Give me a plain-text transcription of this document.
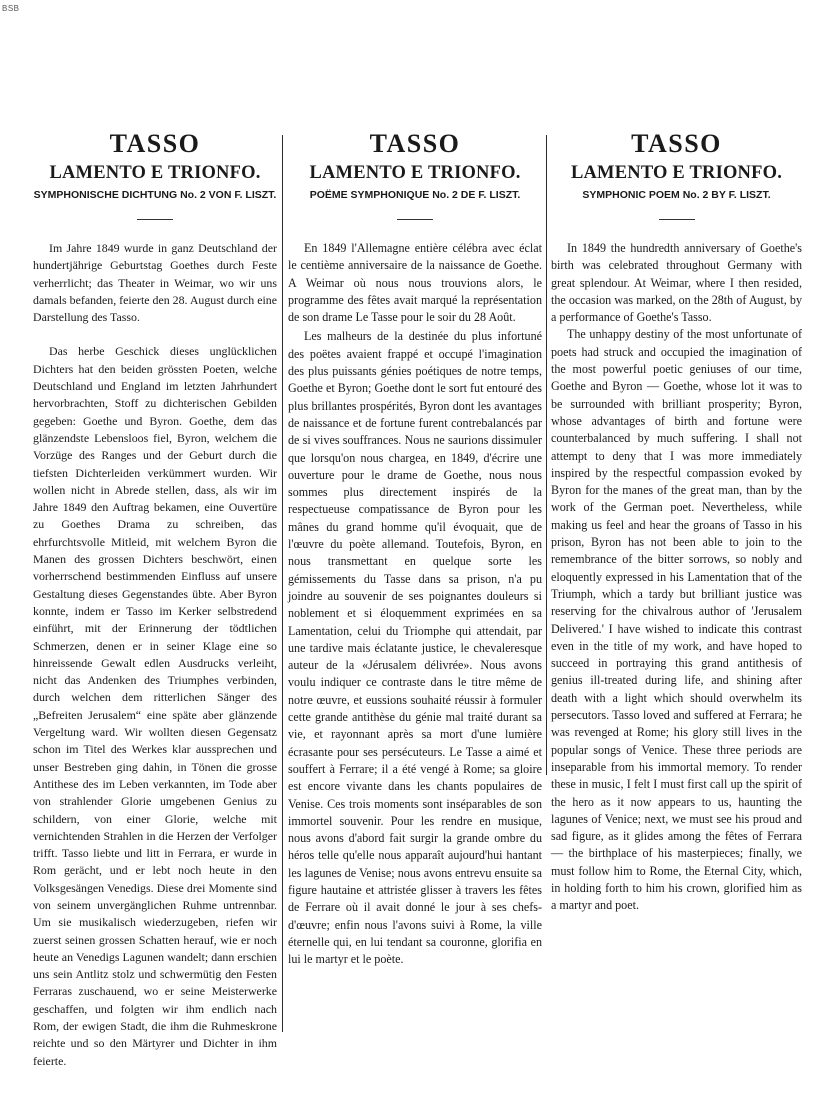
BSB
TASSO
LAMENTO E TRIONFO.
SYMPHONISCHE DICHTUNG No. 2 VON F. LISZT.

Im Jahre 1849 wurde in ganz Deutschland der hundertjährige Geburtstag Goethes durch Feste verherrlicht; das Theater in Weimar, wo wir uns damals befanden, feierte den 28. August durch eine Darstellung des Tasso.

Das herbe Geschick dieses unglücklichen Dichters hat den beiden grössten Poeten, welche Deutschland und England im letzten Jahrhundert hervorbrachten, Stoff zu dichterischen Gebilden gegeben: Goethe und Byron. Goethe, dem das glänzendste Lebensloos fiel, Byron, welchem die Vorzüge des Ranges und der Geburt durch die tiefsten Dichterleiden verkümmert wurden. Wir wollen nicht in Abrede stellen, dass, als wir im Jahre 1849 den Auftrag bekamen, eine Ouvertüre zu Goethes Drama zu schreiben, das ehrfurchtsvolle Mitleid, mit welchem Byron die Manen des grossen Dichters beschwört, einen vorherrschend bestimmenden Einfluss auf unsere Gestaltung dieses Gegenstandes übte. Aber Byron konnte, indem er Tasso im Kerker selbstredend einführt, mit der Erinnerung der tödtlichen Schmerzen, denen er in seiner Klage eine so hinreissende Gewalt edlen Ausdrucks verleiht, nicht das Andenken des Triumphes verbinden, durch welchen dem ritterlichen Sänger des „Befreiten Jerusalem“ eine späte aber glänzende Vergeltung ward. Wir wollten diesen Gegensatz schon im Titel des Werkes klar aussprechen und unser Bestreben ging dahin, in Tönen die grosse Antithese des im Leben verkannten, im Tode aber von strahlender Glorie umgebenen Genius zu schildern, von einer Glorie, welche mit vernichtenden Strahlen in die Herzen der Verfolger trifft. Tasso liebte und litt in Ferrara, er wurde in Rom gerächt, und er lebt noch heute in den Volksgesängen Venedigs. Diese drei Momente sind von seinem unvergänglichen Ruhme untrennbar. Um sie musikalisch wiederzugeben, riefen wir zuerst seinen grossen Schatten herauf, wie er noch heute an Venedigs Lagunen wandelt; dann erschien uns sein Antlitz stolz und schwermütig den Festen Ferraras zuschauend, wo er seine Meisterwerke geschaffen, und folgten wir ihm endlich nach Rom, der ewigen Stadt, die ihm die Ruhmeskrone reichte und so den Märtyrer und Dichter in ihm feierte.

TASSO
LAMENTO E TRIONFO.
POËME SYMPHONIQUE No. 2 DE F. LISZT.

En 1849 l'Allemagne entière célébra avec éclat le centième anniversaire de la naissance de Goethe. A Weimar où nous nous trouvions alors, le programme des fêtes avait marqué la représentation de son drame Le Tasse pour le soir du 28 Août.

Les malheurs de la destinée du plus infortuné des poëtes avaient frappé et occupé l'imagination des plus puissants génies poétiques de notre temps, Goethe et Byron; Goethe dont le sort fut entouré des plus brillantes prospérités, Byron dont les avantages de naissance et de fortune furent contrebalancés par de si vives souffrances. Nous ne saurions dissimuler que lorsqu'on nous chargea, en 1849, d'écrire une ouverture pour le drame de Goethe, nous nous sommes plus directement inspirés de la respectueuse compatissance de Byron pour les mânes du grand homme qu'il évoquait, que de l'œuvre du poète allemand. Toutefois, Byron, en nous transmettant en quelque sorte les gémissements du Tasse dans sa prison, n'a pu joindre au souvenir de ses poignantes douleurs si noblement et si éloquemment exprimées en sa Lamentation, celui du Triomphe qui attendait, par une tardive mais éclatante justice, le chevaleresque auteur de la «Jérusalem délivrée». Nous avons voulu indiquer ce contraste dans le titre même de notre œuvre, et eussions souhaité réussir à formuler cette grande antithèse du génie mal traité durant sa vie, et rayonnant après sa mort d'une lumière écrasante pour ses persécuteurs. Le Tasse a aimé et souffert à Ferrare; il a été vengé à Rome; sa gloire est encore vivante dans les chants populaires de Venise. Ces trois moments sont inséparables de son immortel souvenir. Pour les rendre en musique, nous avons d'abord fait surgir la grande ombre du héros telle qu'elle nous apparaît aujourd'hui hantant les lagunes de Venise; nous avons entrevu ensuite sa figure hautaine et attristée glisser à travers les fêtes de Ferrare où il avait donné le jour à ses chefs-d'œuvre; enfin nous l'avons suivi à Rome, la ville éternelle qui, en lui tendant sa couronne, glorifia en lui le martyr et le poète.

TASSO
LAMENTO E TRIONFO.
SYMPHONIC POEM No. 2 BY F. LISZT.

In 1849 the hundredth anniversary of Goethe's birth was celebrated throughout Germany with great splendour. At Weimar, where I then resided, the occasion was marked, on the 28th of August, by a performance of Goethe's Tasso.

The unhappy destiny of the most unfortunate of poets had struck and occupied the imagination of the most powerful poetic geniuses of our time, Goethe and Byron — Goethe, whose lot it was to be surrounded with brilliant prosperity; Byron, whose advantages of birth and fortune were counterbalanced by much suffering. I shall not attempt to deny that I was more immediately inspired by the respectful compassion evoked by Byron for the manes of the great man, than by the work of the German poet. Nevertheless, while making us feel and hear the groans of Tasso in his prison, Byron has not been able to join to the remembrance of the bitter sorrows, so nobly and eloquently expressed in his Lamentation that of the Triumph, which a tardy but brilliant justice was reserving for the chivalrous author of 'Jerusalem Delivered.' I have wished to indicate this contrast even in the title of my work, and have hoped to succeed in portraying this grand antithesis of genius ill-treated during life, and shining after death with a light which should overwhelm its persecutors. Tasso loved and suffered at Ferrara; he was revenged at Rome; his glory still lives in the popular songs of Venice. These three periods are inseparable from his immortal memory. To render these in music, I felt I must first call up the spirit of the hero as it now appears to us, haunting the lagunes of Venice; next, we must see his proud and sad figure, as it glides among the fêtes of Ferrara — the birthplace of his masterpieces; finally, we must follow him to Rome, the Eternal City, which, in holding forth to him his crown, glorified him as a martyr and poet.
